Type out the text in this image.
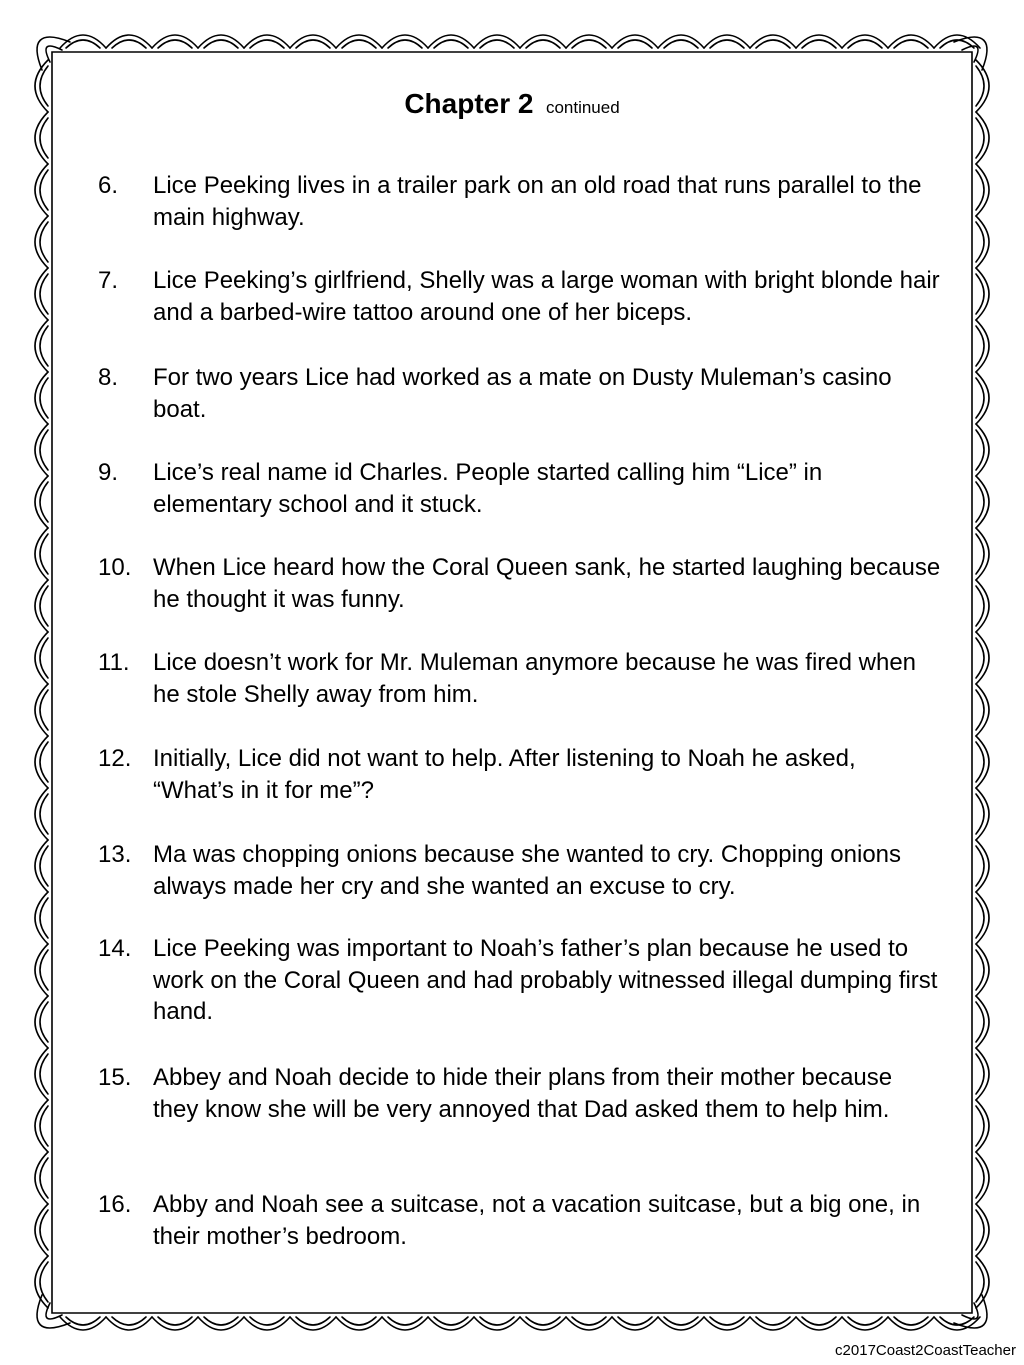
Chapter 2 continued
6. Lice Peeking lives in a trailer park on an old road that runs parallel to the main highway.
7. Lice Peeking’s girlfriend, Shelly was a large woman with bright blonde hair and a barbed-wire tattoo around one of her biceps.
8. For two years Lice had worked as a mate on Dusty Muleman’s casino boat.
9. Lice’s real name id Charles. People started calling him “Lice” in elementary school and it stuck.
10. When Lice heard how the Coral Queen sank, he started laughing because he thought it was funny.
11. Lice doesn’t work for Mr. Muleman anymore because he was fired when he stole Shelly away from him.
12. Initially, Lice did not want to help. After listening to Noah he asked, “What’s in it for me”?
13. Ma was chopping onions because she wanted to cry. Chopping onions always made her cry and she wanted an excuse to cry.
14. Lice Peeking was important to Noah’s father’s plan because he used to work on the Coral Queen and had probably witnessed illegal dumping first hand.
15. Abbey and Noah decide to hide their plans from their mother because they know she will be very annoyed that Dad asked them to help him.
16. Abby and Noah see a suitcase, not a vacation suitcase, but a big one, in their mother’s bedroom.
c2017Coast2CoastTeacher
